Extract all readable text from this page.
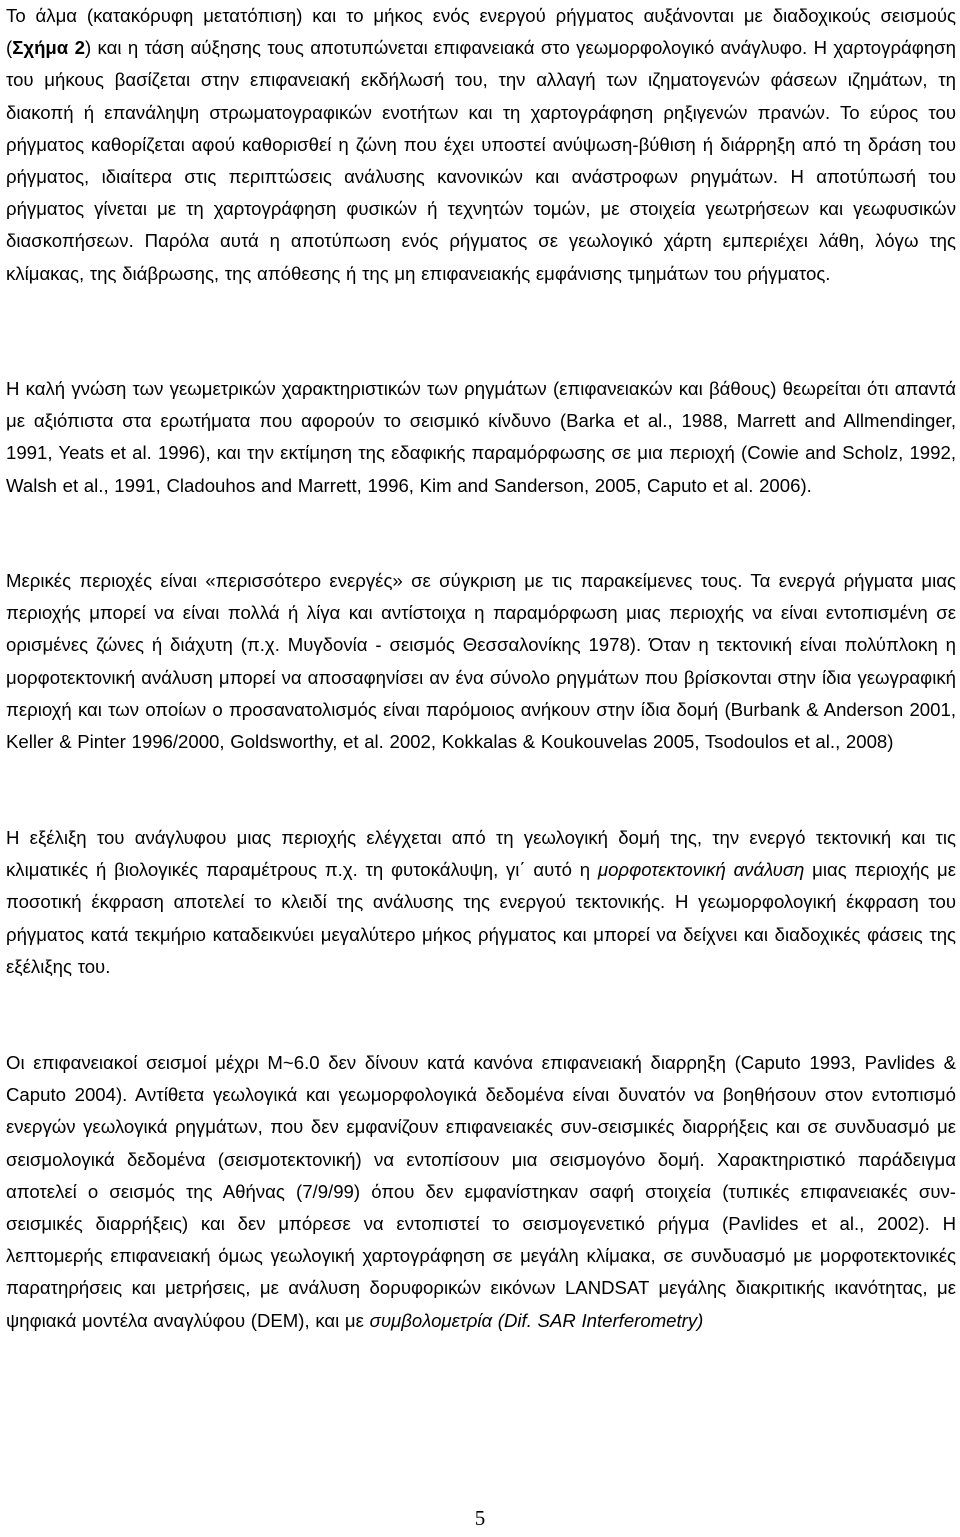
Το άλμα (κατακόρυφη μετατόπιση) και το μήκος ενός ενεργού ρήγματος αυξάνονται με διαδοχικούς σεισμούς (Σχήμα 2) και η τάση αύξησης τους αποτυπώνεται επιφανειακά στο γεωμορφολογικό ανάγλυφο. Η χαρτογράφηση του μήκους βασίζεται στην επιφανειακή εκδήλωσή του, την αλλαγή των ιζηματογενών φάσεων ιζημάτων, τη διακοπή ή επανάληψη στρωματογραφικών ενοτήτων και τη χαρτογράφηση ρηξιγενών πρανών. Το εύρος του ρήγματος καθορίζεται αφού καθορισθεί η ζώνη που έχει υποστεί ανύψωση-βύθιση ή διάρρηξη από τη δράση του ρήγματος, ιδιαίτερα στις περιπτώσεις ανάλυσης κανονικών και ανάστροφων ρηγμάτων. Η αποτύπωσή του ρήγματος γίνεται με τη χαρτογράφηση φυσικών ή τεχνητών τομών, με στοιχεία γεωτρήσεων και γεωφυσικών διασκοπήσεων. Παρόλα αυτά η αποτύπωση ενός ρήγματος σε γεωλογικό χάρτη εμπεριέχει λάθη, λόγω της κλίμακας, της διάβρωσης, της απόθεσης ή της μη επιφανειακής εμφάνισης τμημάτων του ρήγματος.

Η καλή γνώση των γεωμετρικών χαρακτηριστικών των ρηγμάτων (επιφανειακών και βάθους) θεωρείται ότι απαντά με αξιόπιστα στα ερωτήματα που αφορούν το σεισμικό κίνδυνο (Barka et al., 1988, Marrett and Allmendinger, 1991, Yeats et al. 1996), και την εκτίμηση της εδαφικής παραμόρφωσης σε μια περιοχή (Cowie and Scholz, 1992, Walsh et al., 1991, Cladouhos and Marrett, 1996, Kim and Sanderson, 2005, Caputo et al. 2006).

Μερικές περιοχές είναι «περισσότερο ενεργές» σε σύγκριση με τις παρακείμενες τους. Τα ενεργά ρήγματα μιας περιοχής μπορεί να είναι πολλά ή λίγα και αντίστοιχα η παραμόρφωση μιας περιοχής να είναι εντοπισμένη σε ορισμένες ζώνες ή διάχυτη (π.χ. Μυγδονία - σεισμός Θεσσαλονίκης 1978). Όταν η τεκτονική είναι πολύπλοκη η μορφοτεκτονική ανάλυση μπορεί να αποσαφηνίσει αν ένα σύνολο ρηγμάτων που βρίσκονται στην ίδια γεωγραφική περιοχή και των οποίων ο προσανατολισμός είναι παρόμοιος ανήκουν στην ίδια δομή (Burbank & Anderson 2001, Keller & Pinter 1996/2000, Goldsworthy, et al. 2002, Kokkalas & Koukouvelas 2005, Tsodoulos et al., 2008)

Η εξέλιξη του ανάγλυφου μιας περιοχής ελέγχεται από τη γεωλογική δομή της, την ενεργό τεκτονική και τις κλιματικές ή βιολογικές παραμέτρους π.χ. τη φυτοκάλυψη, γι΄ αυτό η μορφοτεκτονική ανάλυση μιας περιοχής με ποσοτική έκφραση αποτελεί το κλειδί της ανάλυσης της ενεργού τεκτονικής. Η γεωμορφολογική έκφραση του ρήγματος κατά τεκμήριο καταδεικνύει μεγαλύτερο μήκος ρήγματος και μπορεί να δείχνει και διαδοχικές φάσεις της εξέλιξης του.

Οι επιφανειακοί σεισμοί μέχρι M~6.0 δεν δίνουν κατά κανόνα επιφανειακή διαρρηξη (Caputo 1993, Pavlides & Caputo 2004). Αντίθετα γεωλογικά και γεωμορφολογικά δεδομένα είναι δυνατόν να βοηθήσουν στον εντοπισμό ενεργών γεωλογικά ρηγμάτων, που δεν εμφανίζουν επιφανειακές συν-σεισμικές διαρρήξεις και σε συνδυασμό με σεισμολογικά δεδομένα (σεισμοτεκτονική) να εντοπίσουν μια σεισμογόνο δομή. Χαρακτηριστικό παράδειγμα αποτελεί ο σεισμός της Αθήνας (7/9/99) όπου δεν εμφανίστηκαν σαφή στοιχεία (τυπικές επιφανειακές συν-σεισμικές διαρρήξεις) και δεν μπόρεσε να εντοπιστεί το σεισμογενετικό ρήγμα (Pavlides et al., 2002). Η λεπτομερής επιφανειακή όμως γεωλογική χαρτογράφηση σε μεγάλη κλίμακα, σε συνδυασμό με μορφοτεκτονικές παρατηρήσεις και μετρήσεις, με ανάλυση δορυφορικών εικόνων LANDSAT μεγάλης διακριτικής ικανότητας, με ψηφιακά μοντέλα αναγλύφου (DEM), και με συμβολομετρία (Dif. SAR Interferometry)

5
